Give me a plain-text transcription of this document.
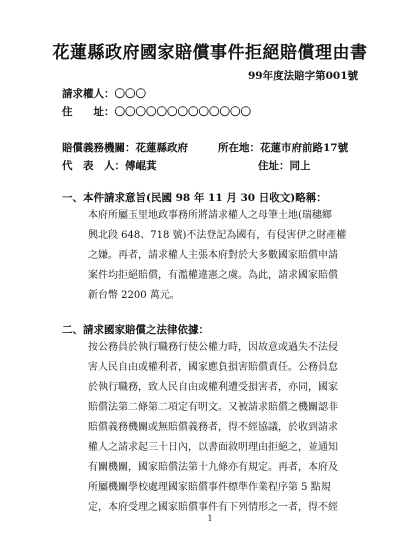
花蓮縣政府國家賠償事件拒絕賠償理由書
99年度法賠字第001號
請求權人：〇〇〇
住　　址：〇〇〇〇〇〇〇〇〇〇〇〇〇
賠償義務機關：花蓮縣政府	所在地：花蓮市府前路17號
代　表　人：傅崐萁	住址：同上
一、本件請求意旨(民國 98 年 11 月 30 日收文)略稱：

本府所屬玉里地政事務所將請求權人之母筆土地(瑞穗鄉

興北段 648、718 號)不法登記為國有，有侵害伊之財產權

之嫌。再者，請求權人主張本府對於大多數國家賠償申請

案件均拒絕賠償，有濫權違憲之虞。為此，請求國家賠償

新台幣 2200 萬元。

二、請求國家賠償之法律依據：

按公務員於執行職務行使公權力時，因故意或過失不法侵

害人民自由或權利者，國家應負損害賠償責任。公務員怠

於執行職務，致人民自由或權利遭受損害者，亦同，國家

賠償法第二條第二項定有明文。又被請求賠償之機關認非

賠償義務機關或無賠償義務者，得不經協議，於收到請求

權人之請求起三十日內，以書面敘明理由拒絕之，並通知

有關機關，國家賠償法第十九條亦有規定。再者，本府及

所屬機關學校處理國家賠償事件標準作業程序第 5 點規

定，本府受理之國家賠償事件有下列情形之一者，得不經

1
